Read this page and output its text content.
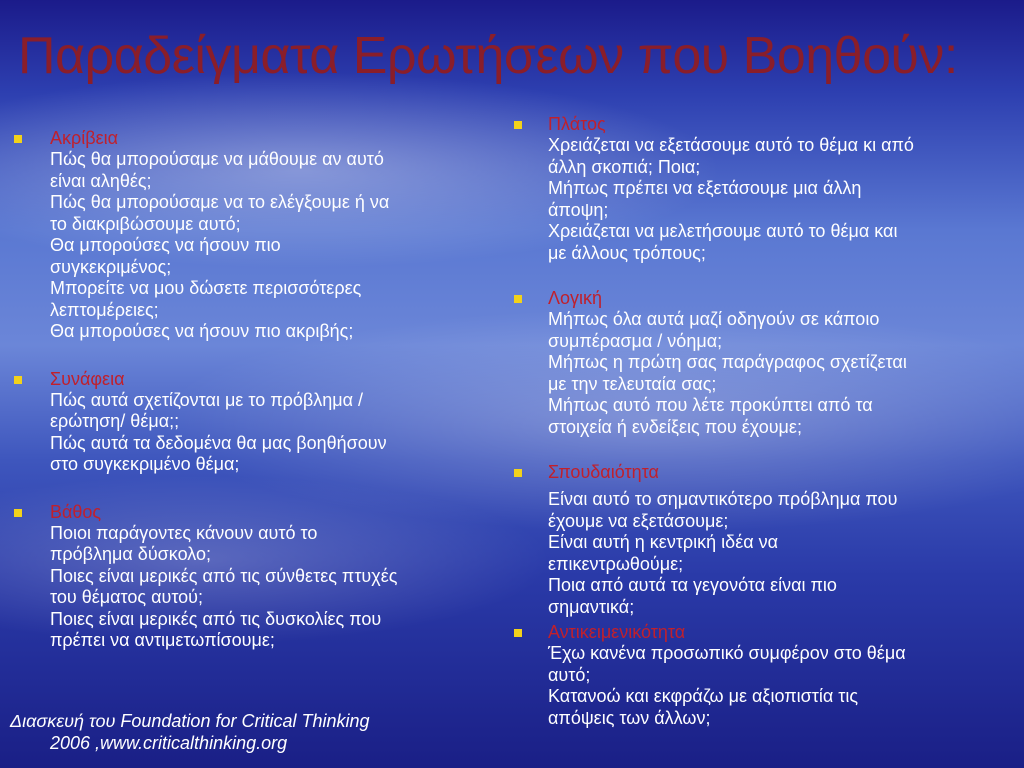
Παραδείγματα Ερωτήσεων που Βοηθούν:
Ακρίβεια
Πώς θα μπορούσαμε να μάθουμε αν αυτό
είναι αληθές;
Πώς θα μπορούσαμε να το ελέγξουμε ή να
το διακριβώσουμε αυτό;
Θα μπορούσες να ήσουν πιο
συγκεκριμένος;
Μπορείτε να μου δώσετε περισσότερες
λεπτομέρειες;
Θα μπορούσες να ήσουν πιο ακριβής;
Συνάφεια
Πώς αυτά σχετίζονται με το πρόβλημα /
ερώτηση/ θέμα;;
Πώς αυτά τα δεδομένα θα μας βοηθήσουν
στο συγκεκριμένο θέμα;
Βάθος
Ποιοι παράγοντες κάνουν αυτό το
πρόβλημα δύσκολο;
Ποιες είναι μερικές από τις σύνθετες πτυχές
του θέματος αυτού;
Ποιες είναι μερικές από τις δυσκολίες που
πρέπει να αντιμετωπίσουμε;
Πλάτος
Χρειάζεται να εξετάσουμε αυτό το θέμα κι από
άλλη σκοπιά; Ποια;
Μήπως πρέπει να εξετάσουμε μια άλλη
άποψη;
Χρειάζεται να μελετήσουμε αυτό το θέμα και
με άλλους τρόπους;
Λογική
Μήπως όλα αυτά μαζί οδηγούν σε κάποιο
συμπέρασμα / νόημα;
Μήπως η πρώτη σας παράγραφος σχετίζεται
με την τελευταία σας;
Μήπως αυτό που λέτε προκύπτει από τα
στοιχεία ή ενδείξεις που έχουμε;
Σπουδαιότητα
Είναι αυτό το σημαντικότερο πρόβλημα που
έχουμε να εξετάσουμε;
Είναι αυτή η κεντρική ιδέα να
επικεντρωθούμε;
Ποια από αυτά τα γεγονότα είναι πιο
σημαντικά;
Αντικειμενικότητα
Έχω κανένα προσωπικό συμφέρον στο θέμα
αυτό;
Κατανοώ και εκφράζω με αξιοπιστία τις
απόψεις των άλλων;
Διασκευή του Foundation for Critical Thinking
2006 ,www.criticalthinking.org
